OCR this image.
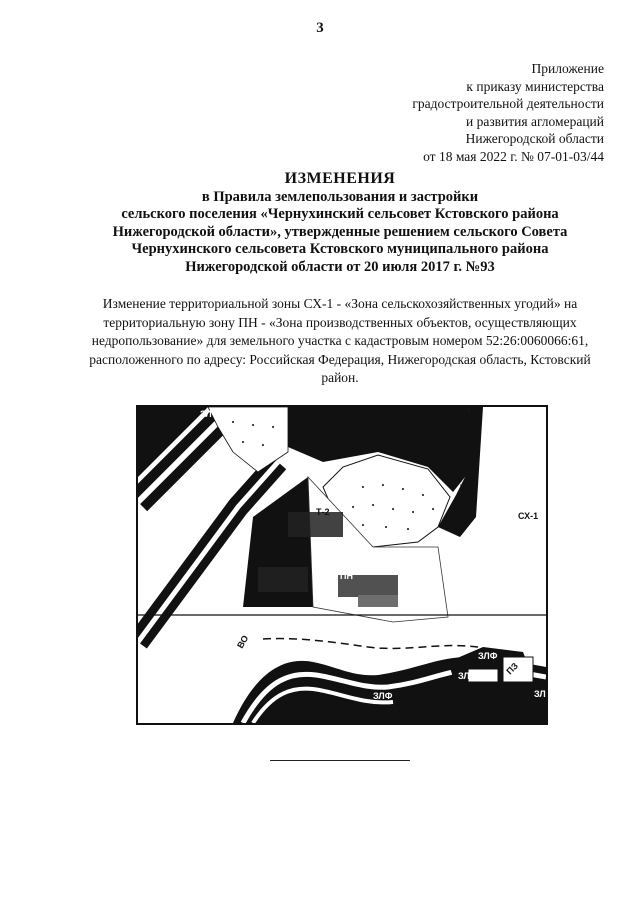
3
Приложение
к приказу министерства
градостроительной деятельности
и развития агломераций
Нижегородской области
от 18 мая 2022 г. № 07-01-03/44
ИЗМЕНЕНИЯ
в Правила землепользования и застройки
сельского поселения «Чернухинский сельсовет Кстовского района
Нижегородской области», утвержденные решением сельского Совета
Чернухинского сельсовета Кстовского муниципального района
Нижегородской области от 20 июля 2017 г. №93
Изменение территориальной зоны СХ-1 - «Зона сельскохозяйственных угодий» на
территориальную зону ПН - «Зона производственных объектов, осуществляющих
недропользование» для земельного участка с кадастровым номером 52:26:0060066:61,
расположенного по адресу: Российская Федерация, Нижегородская область, Кстовский
район.
ЗЛФ
Т-2
Т-2
СХ-1
ПН
ВО
ЗЛФ
ЗЛФ
ЗЛФ
ПЗ
ЗЛ
